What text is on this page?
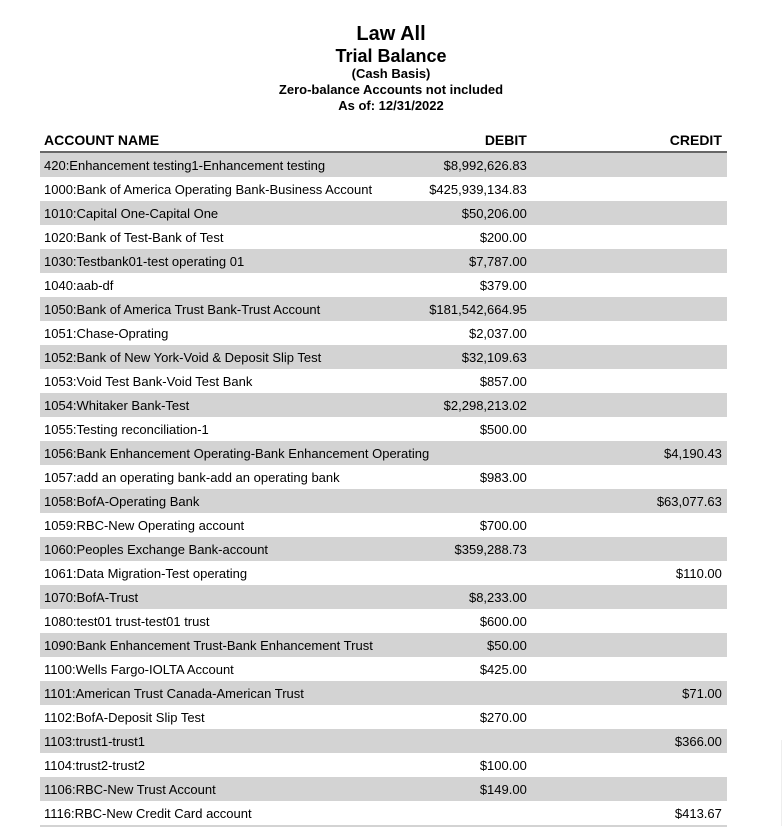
Law All
Trial Balance
(Cash Basis)
Zero-balance Accounts not included
As of: 12/31/2022
ACCOUNT NAME	DEBIT	CREDIT
420:Enhancement testing1-Enhancement testing	$8,992,626.83	
1000:Bank of America Operating Bank-Business Account	$425,939,134.83	
1010:Capital One-Capital One	$50,206.00	
1020:Bank of Test-Bank of Test	$200.00	
1030:Testbank01-test operating 01	$7,787.00	
1040:aab-df	$379.00	
1050:Bank of America Trust Bank-Trust Account	$181,542,664.95	
1051:Chase-Oprating	$2,037.00	
1052:Bank of New York-Void & Deposit Slip Test	$32,109.63	
1053:Void Test Bank-Void Test Bank	$857.00	
1054:Whitaker Bank-Test	$2,298,213.02	
1055:Testing reconciliation-1	$500.00	
1056:Bank Enhancement Operating-Bank Enhancement Operating		$4,190.43
1057:add an operating bank-add an operating bank	$983.00	
1058:BofA-Operating Bank		$63,077.63
1059:RBC-New Operating account	$700.00	
1060:Peoples Exchange Bank-account	$359,288.73	
1061:Data Migration-Test operating		$110.00
1070:BofA-Trust	$8,233.00	
1080:test01 trust-test01 trust	$600.00	
1090:Bank Enhancement Trust-Bank Enhancement Trust	$50.00	
1100:Wells Fargo-IOLTA Account	$425.00	
1101:American Trust Canada-American Trust		$71.00
1102:BofA-Deposit Slip Test	$270.00	
1103:trust1-trust1		$366.00
1104:trust2-trust2	$100.00	
1106:RBC-New Trust Account	$149.00	
1116:RBC-New Credit Card account		$413.67
